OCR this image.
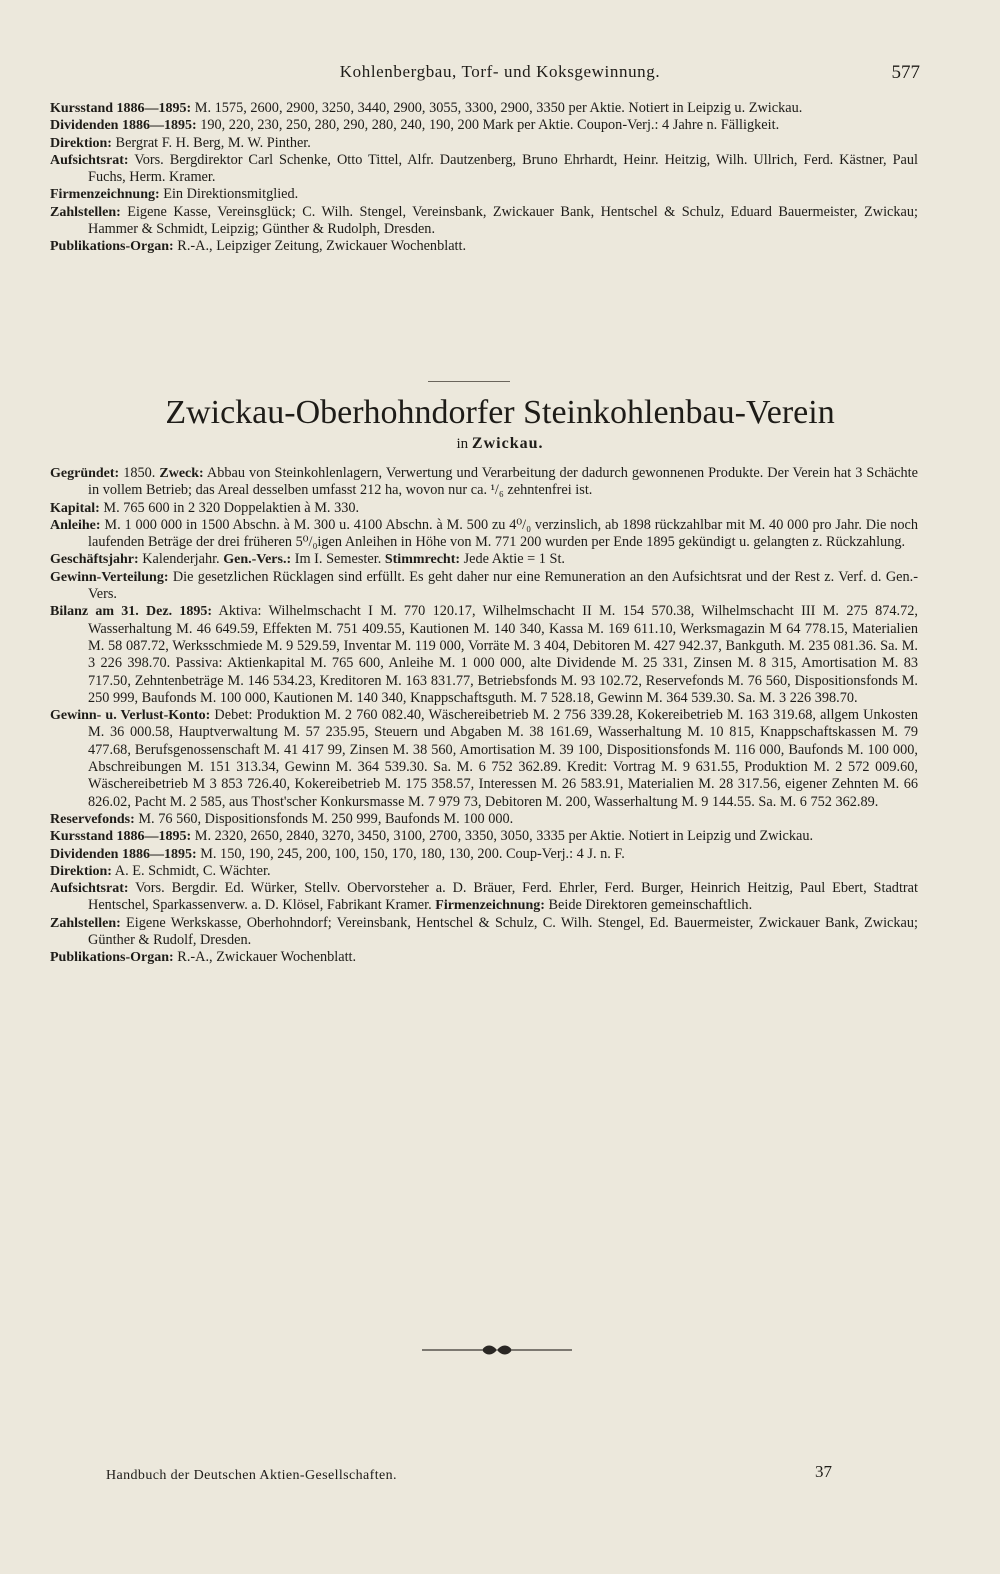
Kohlenbergbau, Torf- und Koksgewinnung.	577

Kursstand 1886—1895: M. 1575, 2600, 2900, 3250, 3440, 2900, 3055, 3300, 2900, 3350 per Aktie. Notiert in Leipzig u. Zwickau.

Dividenden 1886—1895: 190, 220, 230, 250, 280, 290, 280, 240, 190, 200 Mark per Aktie. Coupon-Verj.: 4 Jahre n. Fälligkeit.

Direktion: Bergrat F. H. Berg, M. W. Pinther.

Aufsichtsrat: Vors. Bergdirektor Carl Schenke, Otto Tittel, Alfr. Dautzenberg, Bruno Ehrhardt, Heinr. Heitzig, Wilh. Ullrich, Ferd. Kästner, Paul Fuchs, Herm. Kramer.

Firmenzeichnung: Ein Direktionsmitglied.

Zahlstellen: Eigene Kasse, Vereinsglück; C. Wilh. Stengel, Vereinsbank, Zwickauer Bank, Hentschel & Schulz, Eduard Bauermeister, Zwickau; Hammer & Schmidt, Leipzig; Günther & Rudolph, Dresden.

Publikations-Organ: R.-A., Leipziger Zeitung, Zwickauer Wochenblatt.

Zwickau-Oberhohndorfer Steinkohlenbau-Verein
in Zwickau.

Gegründet: 1850. Zweck: Abbau von Steinkohlenlagern, Verwertung und Verarbeitung der dadurch gewonnenen Produkte. Der Verein hat 3 Schächte in vollem Betrieb; das Areal desselben umfasst 212 ha, wovon nur ca. ¹/₆ zehntenfrei ist.

Kapital: M. 765 600 in 2 320 Doppelaktien à M. 330.

Anleihe: M. 1 000 000 in 1500 Abschn. à M. 300 u. 4100 Abschn. à M. 500 zu 4⁰/₀ verzinslich, ab 1898 rückzahlbar mit M. 40 000 pro Jahr. Die noch laufenden Beträge der drei früheren 5⁰/₀igen Anleihen in Höhe von M. 771 200 wurden per Ende 1895 gekündigt u. gelangten z. Rückzahlung.

Geschäftsjahr: Kalenderjahr. Gen.-Vers.: Im I. Semester. Stimmrecht: Jede Aktie = 1 St.

Gewinn-Verteilung: Die gesetzlichen Rücklagen sind erfüllt. Es geht daher nur eine Remuneration an den Aufsichtsrat und der Rest z. Verf. d. Gen.-Vers.

Bilanz am 31. Dez. 1895: Aktiva: Wilhelmschacht I M. 770 120.17, Wilhelmschacht II M. 154 570.38, Wilhelmschacht III M. 275 874.72, Wasserhaltung M. 46 649.59, Effekten M. 751 409.55, Kautionen M. 140 340, Kassa M. 169 611.10, Werksmagazin M 64 778.15, Materialien M. 58 087.72, Werksschmiede M. 9 529.59, Inventar M. 119 000, Vorräte M. 3 404, Debitoren M. 427 942.37, Bankguth. M. 235 081.36. Sa. M. 3 226 398.70. Passiva: Aktienkapital M. 765 600, Anleihe M. 1 000 000, alte Dividende M. 25 331, Zinsen M. 8 315, Amortisation M. 83 717.50, Zehntenbeträge M. 146 534.23, Kreditoren M. 163 831.77, Betriebsfonds M. 93 102.72, Reservefonds M. 76 560, Dispositionsfonds M. 250 999, Baufonds M. 100 000, Kautionen M. 140 340, Knappschaftsguth. M. 7 528.18, Gewinn M. 364 539.30. Sa. M. 3 226 398.70.

Gewinn- u. Verlust-Konto: Debet: Produktion M. 2 760 082.40, Wäschereibetrieb M. 2 756 339.28, Kokereibetrieb M. 163 319.68, allgem Unkosten M. 36 000.58, Hauptverwaltung M. 57 235.95, Steuern und Abgaben M. 38 161.69, Wasserhaltung M. 10 815, Knappschaftskassen M. 79 477.68, Berufsgenossenschaft M. 41 417 99, Zinsen M. 38 560, Amortisation M. 39 100, Dispositionsfonds M. 116 000, Baufonds M. 100 000, Abschreibungen M. 151 313.34, Gewinn M. 364 539.30. Sa. M. 6 752 362.89. Kredit: Vortrag M. 9 631.55, Produktion M. 2 572 009.60, Wäschereibetrieb M 3 853 726.40, Kokereibetrieb M. 175 358.57, Interessen M. 26 583.91, Materialien M. 28 317.56, eigener Zehnten M. 66 826.02, Pacht M. 2 585, aus Thost'scher Konkursmasse M. 7 979 73, Debitoren M. 200, Wasserhaltung M. 9 144.55. Sa. M. 6 752 362.89.

Reservefonds: M. 76 560, Dispositionsfonds M. 250 999, Baufonds M. 100 000.

Kursstand 1886—1895: M. 2320, 2650, 2840, 3270, 3450, 3100, 2700, 3350, 3050, 3335 per Aktie. Notiert in Leipzig und Zwickau.

Dividenden 1886—1895: M. 150, 190, 245, 200, 100, 150, 170, 180, 130, 200. Coup-Verj.: 4 J. n. F.

Direktion: A. E. Schmidt, C. Wächter.

Aufsichtsrat: Vors. Bergdir. Ed. Würker, Stellv. Obervorsteher a. D. Bräuer, Ferd. Ehrler, Ferd. Burger, Heinrich Heitzig, Paul Ebert, Stadtrat Hentschel, Sparkassenverw. a. D. Klösel, Fabrikant Kramer. Firmenzeichnung: Beide Direktoren gemeinschaftlich.

Zahlstellen: Eigene Werkskasse, Oberhohndorf; Vereinsbank, Hentschel & Schulz, C. Wilh. Stengel, Ed. Bauermeister, Zwickauer Bank, Zwickau; Günther & Rudolf, Dresden.

Publikations-Organ: R.-A., Zwickauer Wochenblatt.

Handbuch der Deutschen Aktien-Gesellschaften.	37
